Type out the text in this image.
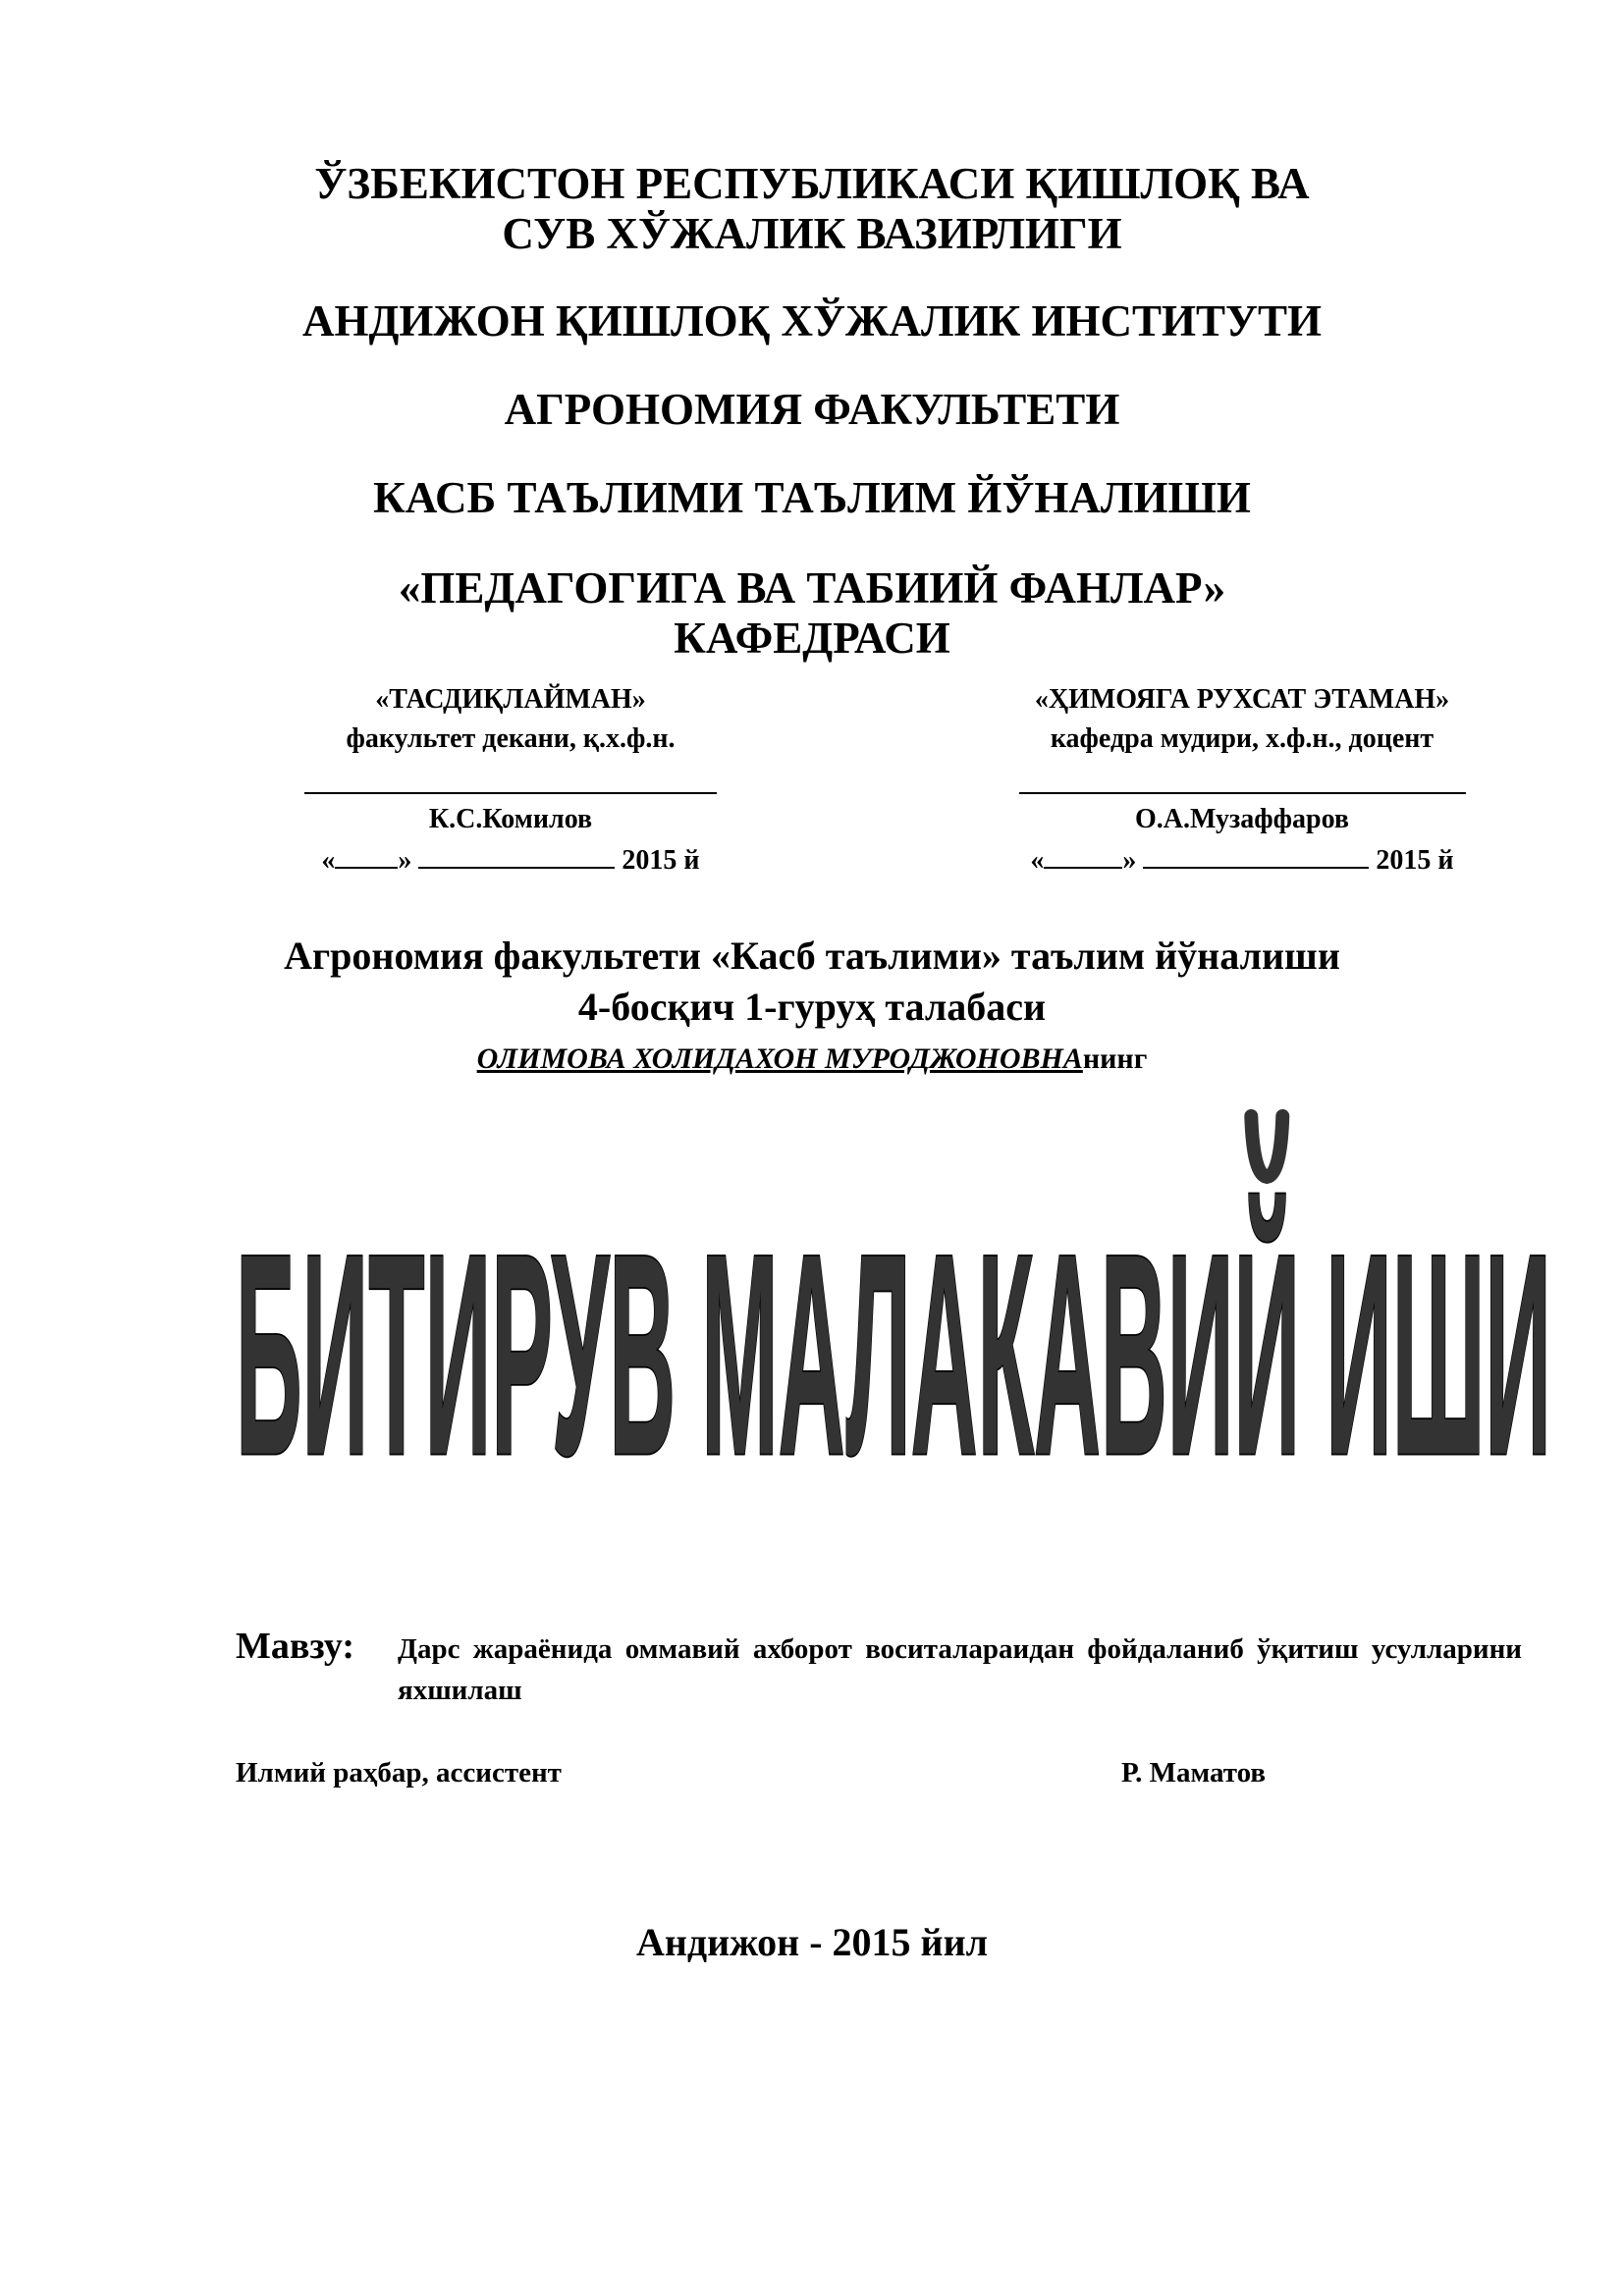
ЎЗБЕКИСТОН РЕСПУБЛИКАСИ ҚИШЛОҚ ВА
СУВ ХЎЖАЛИК ВАЗИРЛИГИ
АНДИЖОН ҚИШЛОҚ ХЎЖАЛИК ИНСТИТУТИ
АГРОНОМИЯ ФАКУЛЬТЕТИ
КАСБ ТАЪЛИМИ ТАЪЛИМ ЙЎНАЛИШИ
«ПЕДАГОГИГА ВА ТАБИИЙ ФАНЛАР»
КАФЕДРАСИ
«ТАСДИҚЛАЙМАН»
факультет декани, қ.х.ф.н.
К.С.Комилов
« »	2015 й
«ҲИМОЯГА РУХСАТ ЭТАМАН»
кафедра мудири, х.ф.н., доцент
О.А.Музаффаров
«	»	2015 й
Агрономия факультети «Касб таълими» таълим йўналиши
4-босқич 1-гуруҳ талабаси
ОЛИМОВА ХОЛИДАХОН МУРОДЖОНОВНАнинг
БИТИРУВ МАЛАКАВИЙ ИШИ
Мавзу: Дарс жараёнида оммавий ахборот воситалараидан фойдаланиб ўқитиш усулларини яхшилаш
Илмий раҳбар, ассистент	Р. Маматов
Андижон - 2015 йил
